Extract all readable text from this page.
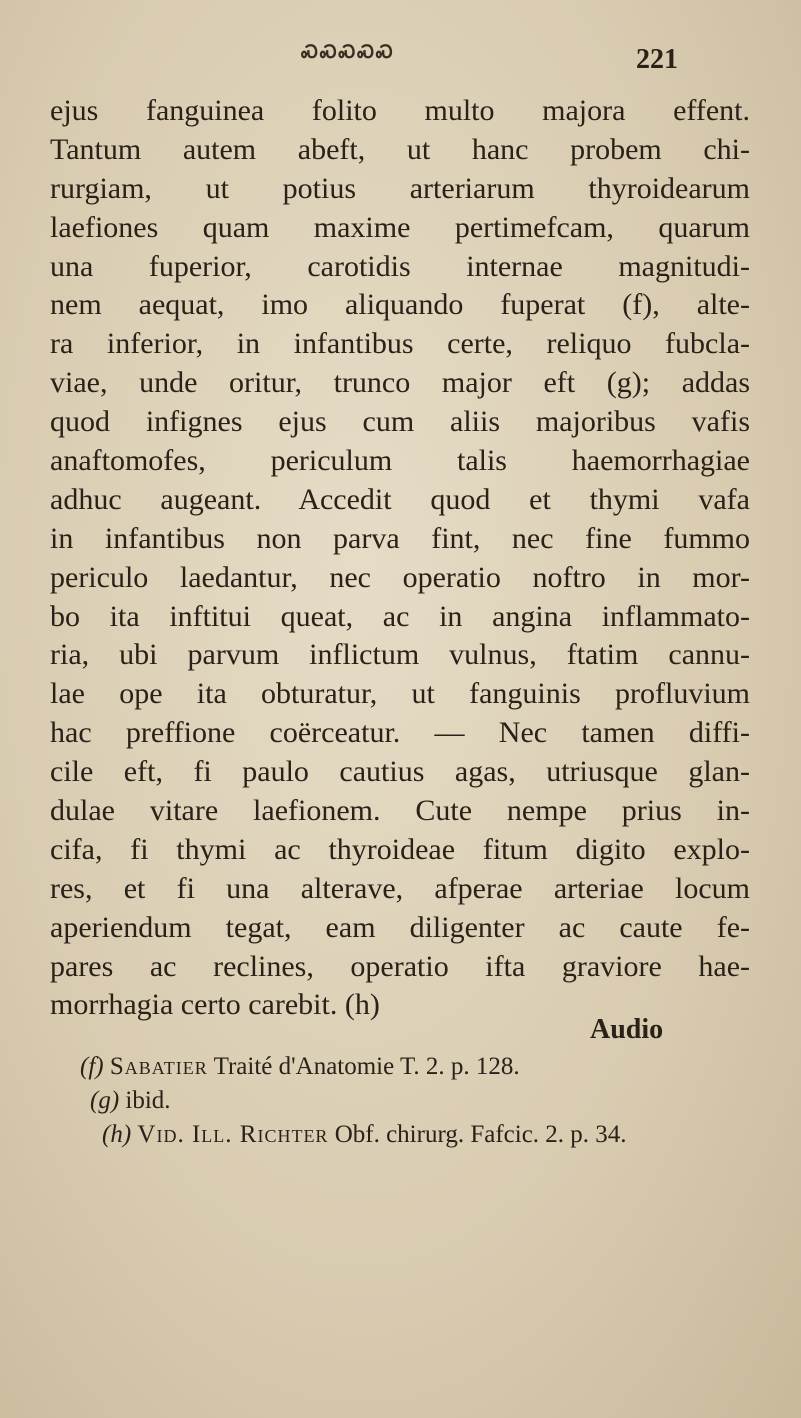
ᏍᏍᏍᏍᏍ	221
ejus fanguinea folito multo majora effent.
Tantum autem abeft, ut hanc probem chi-
rurgiam, ut potius arteriarum thyroidearum
laefiones quam maxime pertimefcam, quarum
una fuperior, carotidis internae magnitudi-
nem aequat, imo aliquando fuperat (f), alte-
ra inferior, in infantibus certe, reliquo fubcla-
viae, unde oritur, trunco major eft (g); addas
quod infignes ejus cum aliis majoribus vafis
anaftomofes, periculum talis haemorrhagiae
adhuc augeant. Accedit quod et thymi vafa
in infantibus non parva fint, nec fine fummo
periculo laedantur, nec operatio noftro in mor-
bo ita inftitui queat, ac in angina inflammato-
ria, ubi parvum inflictum vulnus, ftatim cannu-
lae ope ita obturatur, ut fanguinis profluvium
hac preffione coërceatur. — Nec tamen diffi-
cile eft, fi paulo cautius agas, utriusque glan-
dulae vitare laefionem. Cute nempe prius in-
cifa, fi thymi ac thyroideae fitum digito explo-
res, et fi una alterave, afperae arteriae locum
aperiendum tegat, eam diligenter ac caute fe-
pares ac reclines, operatio ifta graviore hae-
morrhagia certo carebit. (h)
Audio
(f) Sabatier Traité d'Anatomie T. 2. p. 128.
(g) ibid.
(h) Vid. Ill. Richter Obf. chirurg. Fafcic. 2. p. 34.
